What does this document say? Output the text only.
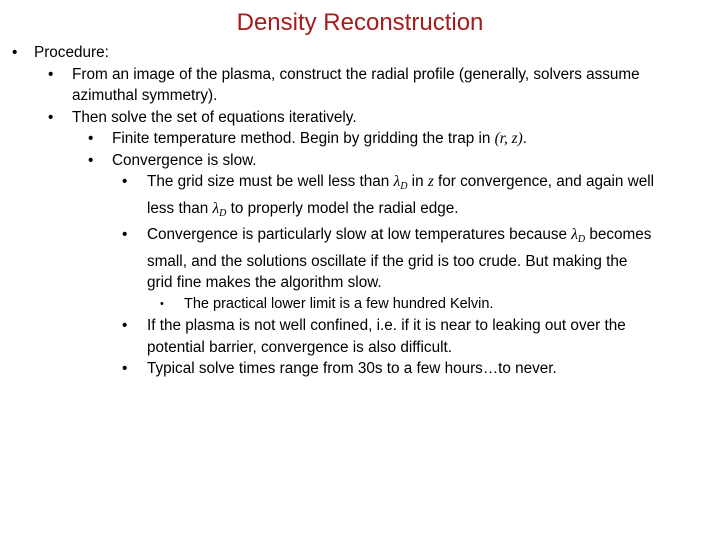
Density Reconstruction
• Procedure:
• From an image of the plasma, construct the radial profile (generally, solvers assume
azimuthal symmetry).
• Then solve the set of equations iteratively.
• Finite temperature method. Begin by gridding the trap in (r, z).
• Convergence is slow.
• The grid size must be well less than $\lambda_D$ in z for convergence, and again well
less than $\lambda_D$ to properly model the radial edge.
• Convergence is particularly slow at low temperatures because $\lambda_D$ becomes
small, and the solutions oscillate if the grid is too crude. But making the
grid fine makes the algorithm slow.
• The practical lower limit is a few hundred Kelvin.
• If the plasma is not well confined, i.e. if it is near to leaking out over the
potential barrier, convergence is also difficult.
• Typical solve times range from 30s to a few hours…to never.
